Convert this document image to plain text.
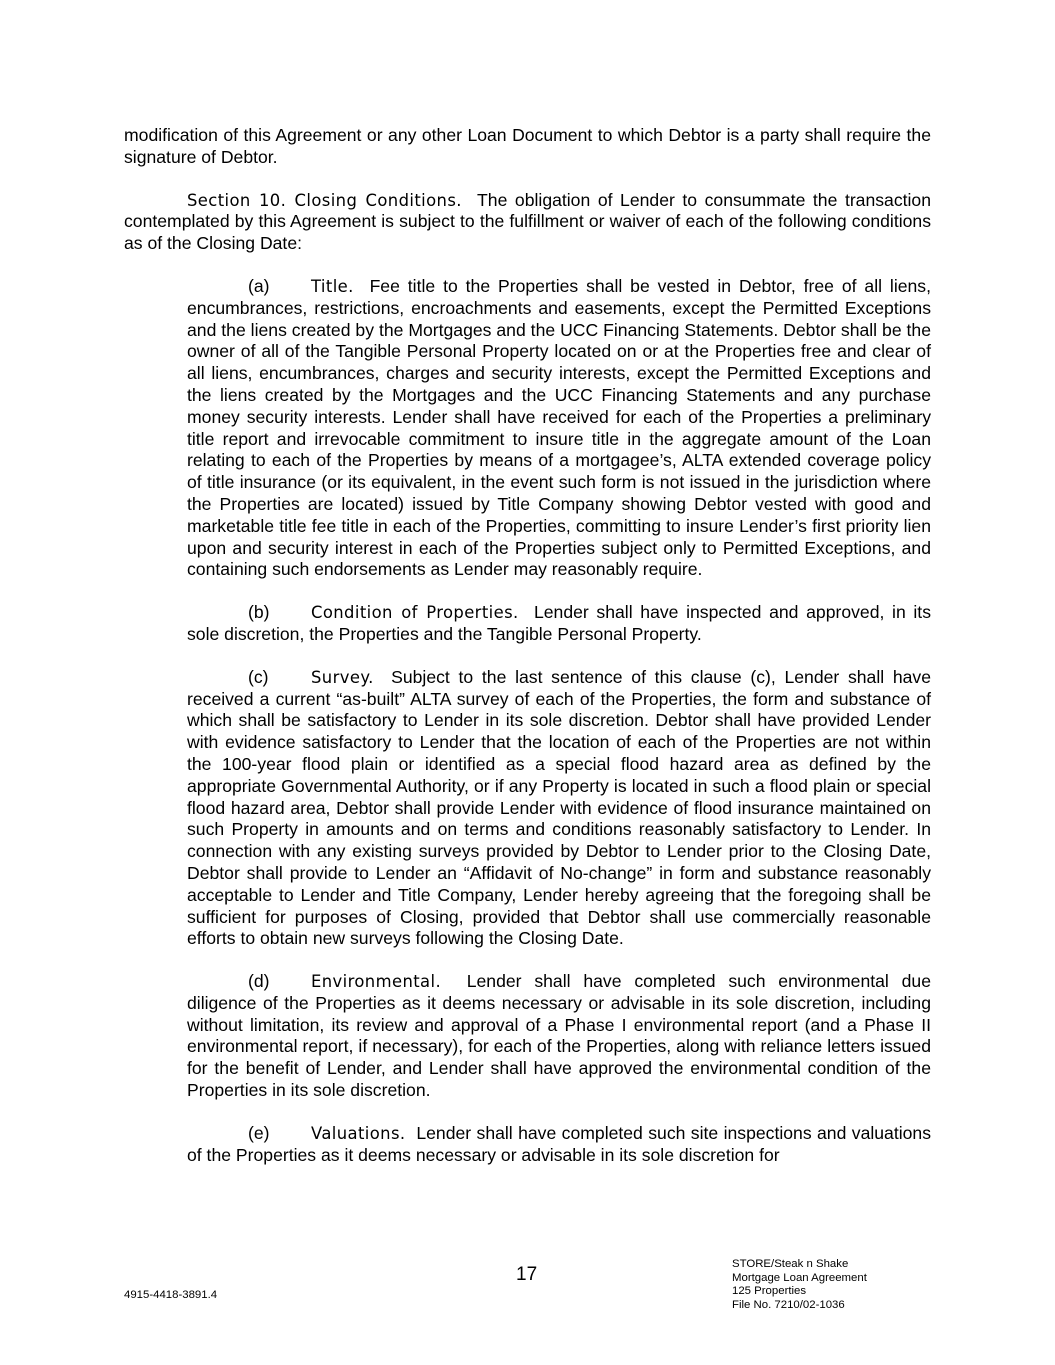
modification of this Agreement or any other Loan Document to which Debtor is a party shall require the signature of Debtor.

Section 10. Closing Conditions. The obligation of Lender to consummate the transaction contemplated by this Agreement is subject to the fulfillment or waiver of each of the following conditions as of the Closing Date:

(a)	Title. Fee title to the Properties shall be vested in Debtor, free of all liens, encumbrances, restrictions, encroachments and easements, except the Permitted Exceptions and the liens created by the Mortgages and the UCC Financing Statements. Debtor shall be the owner of all of the Tangible Personal Property located on or at the Properties free and clear of all liens, encumbrances, charges and security interests, except the Permitted Exceptions and the liens created by the Mortgages and the UCC Financing Statements and any purchase money security interests. Lender shall have received for each of the Properties a preliminary title report and irrevocable commitment to insure title in the aggregate amount of the Loan relating to each of the Properties by means of a mortgagee’s, ALTA extended coverage policy of title insurance (or its equivalent, in the event such form is not issued in the jurisdiction where the Properties are located) issued by Title Company showing Debtor vested with good and marketable title fee title in each of the Properties, committing to insure Lender’s first priority lien upon and security interest in each of the Properties subject only to Permitted Exceptions, and containing such endorsements as Lender may reasonably require.

(b)	Condition of Properties. Lender shall have inspected and approved, in its sole discretion, the Properties and the Tangible Personal Property.

(c)	Survey. Subject to the last sentence of this clause (c), Lender shall have received a current “as-built” ALTA survey of each of the Properties, the form and substance of which shall be satisfactory to Lender in its sole discretion. Debtor shall have provided Lender with evidence satisfactory to Lender that the location of each of the Properties are not within the 100-year flood plain or identified as a special flood hazard area as defined by the appropriate Governmental Authority, or if any Property is located in such a flood plain or special flood hazard area, Debtor shall provide Lender with evidence of flood insurance maintained on such Property in amounts and on terms and conditions reasonably satisfactory to Lender. In connection with any existing surveys provided by Debtor to Lender prior to the Closing Date, Debtor shall provide to Lender an “Affidavit of No-change” in form and substance reasonably acceptable to Lender and Title Company, Lender hereby agreeing that the foregoing shall be sufficient for purposes of Closing, provided that Debtor shall use commercially reasonable efforts to obtain new surveys following the Closing Date.

(d)	Environmental. Lender shall have completed such environmental due diligence of the Properties as it deems necessary or advisable in its sole discretion, including without limitation, its review and approval of a Phase I environmental report (and a Phase II environmental report, if necessary), for each of the Properties, along with reliance letters issued for the benefit of Lender, and Lender shall have approved the environmental condition of the Properties in its sole discretion.

(e)	Valuations. Lender shall have completed such site inspections and valuations of the Properties as it deems necessary or advisable in its sole discretion for

4915-4418-3891.4
17	STORE/Steak n Shake
Mortgage Loan Agreement
125 Properties
File No. 7210/02-1036
